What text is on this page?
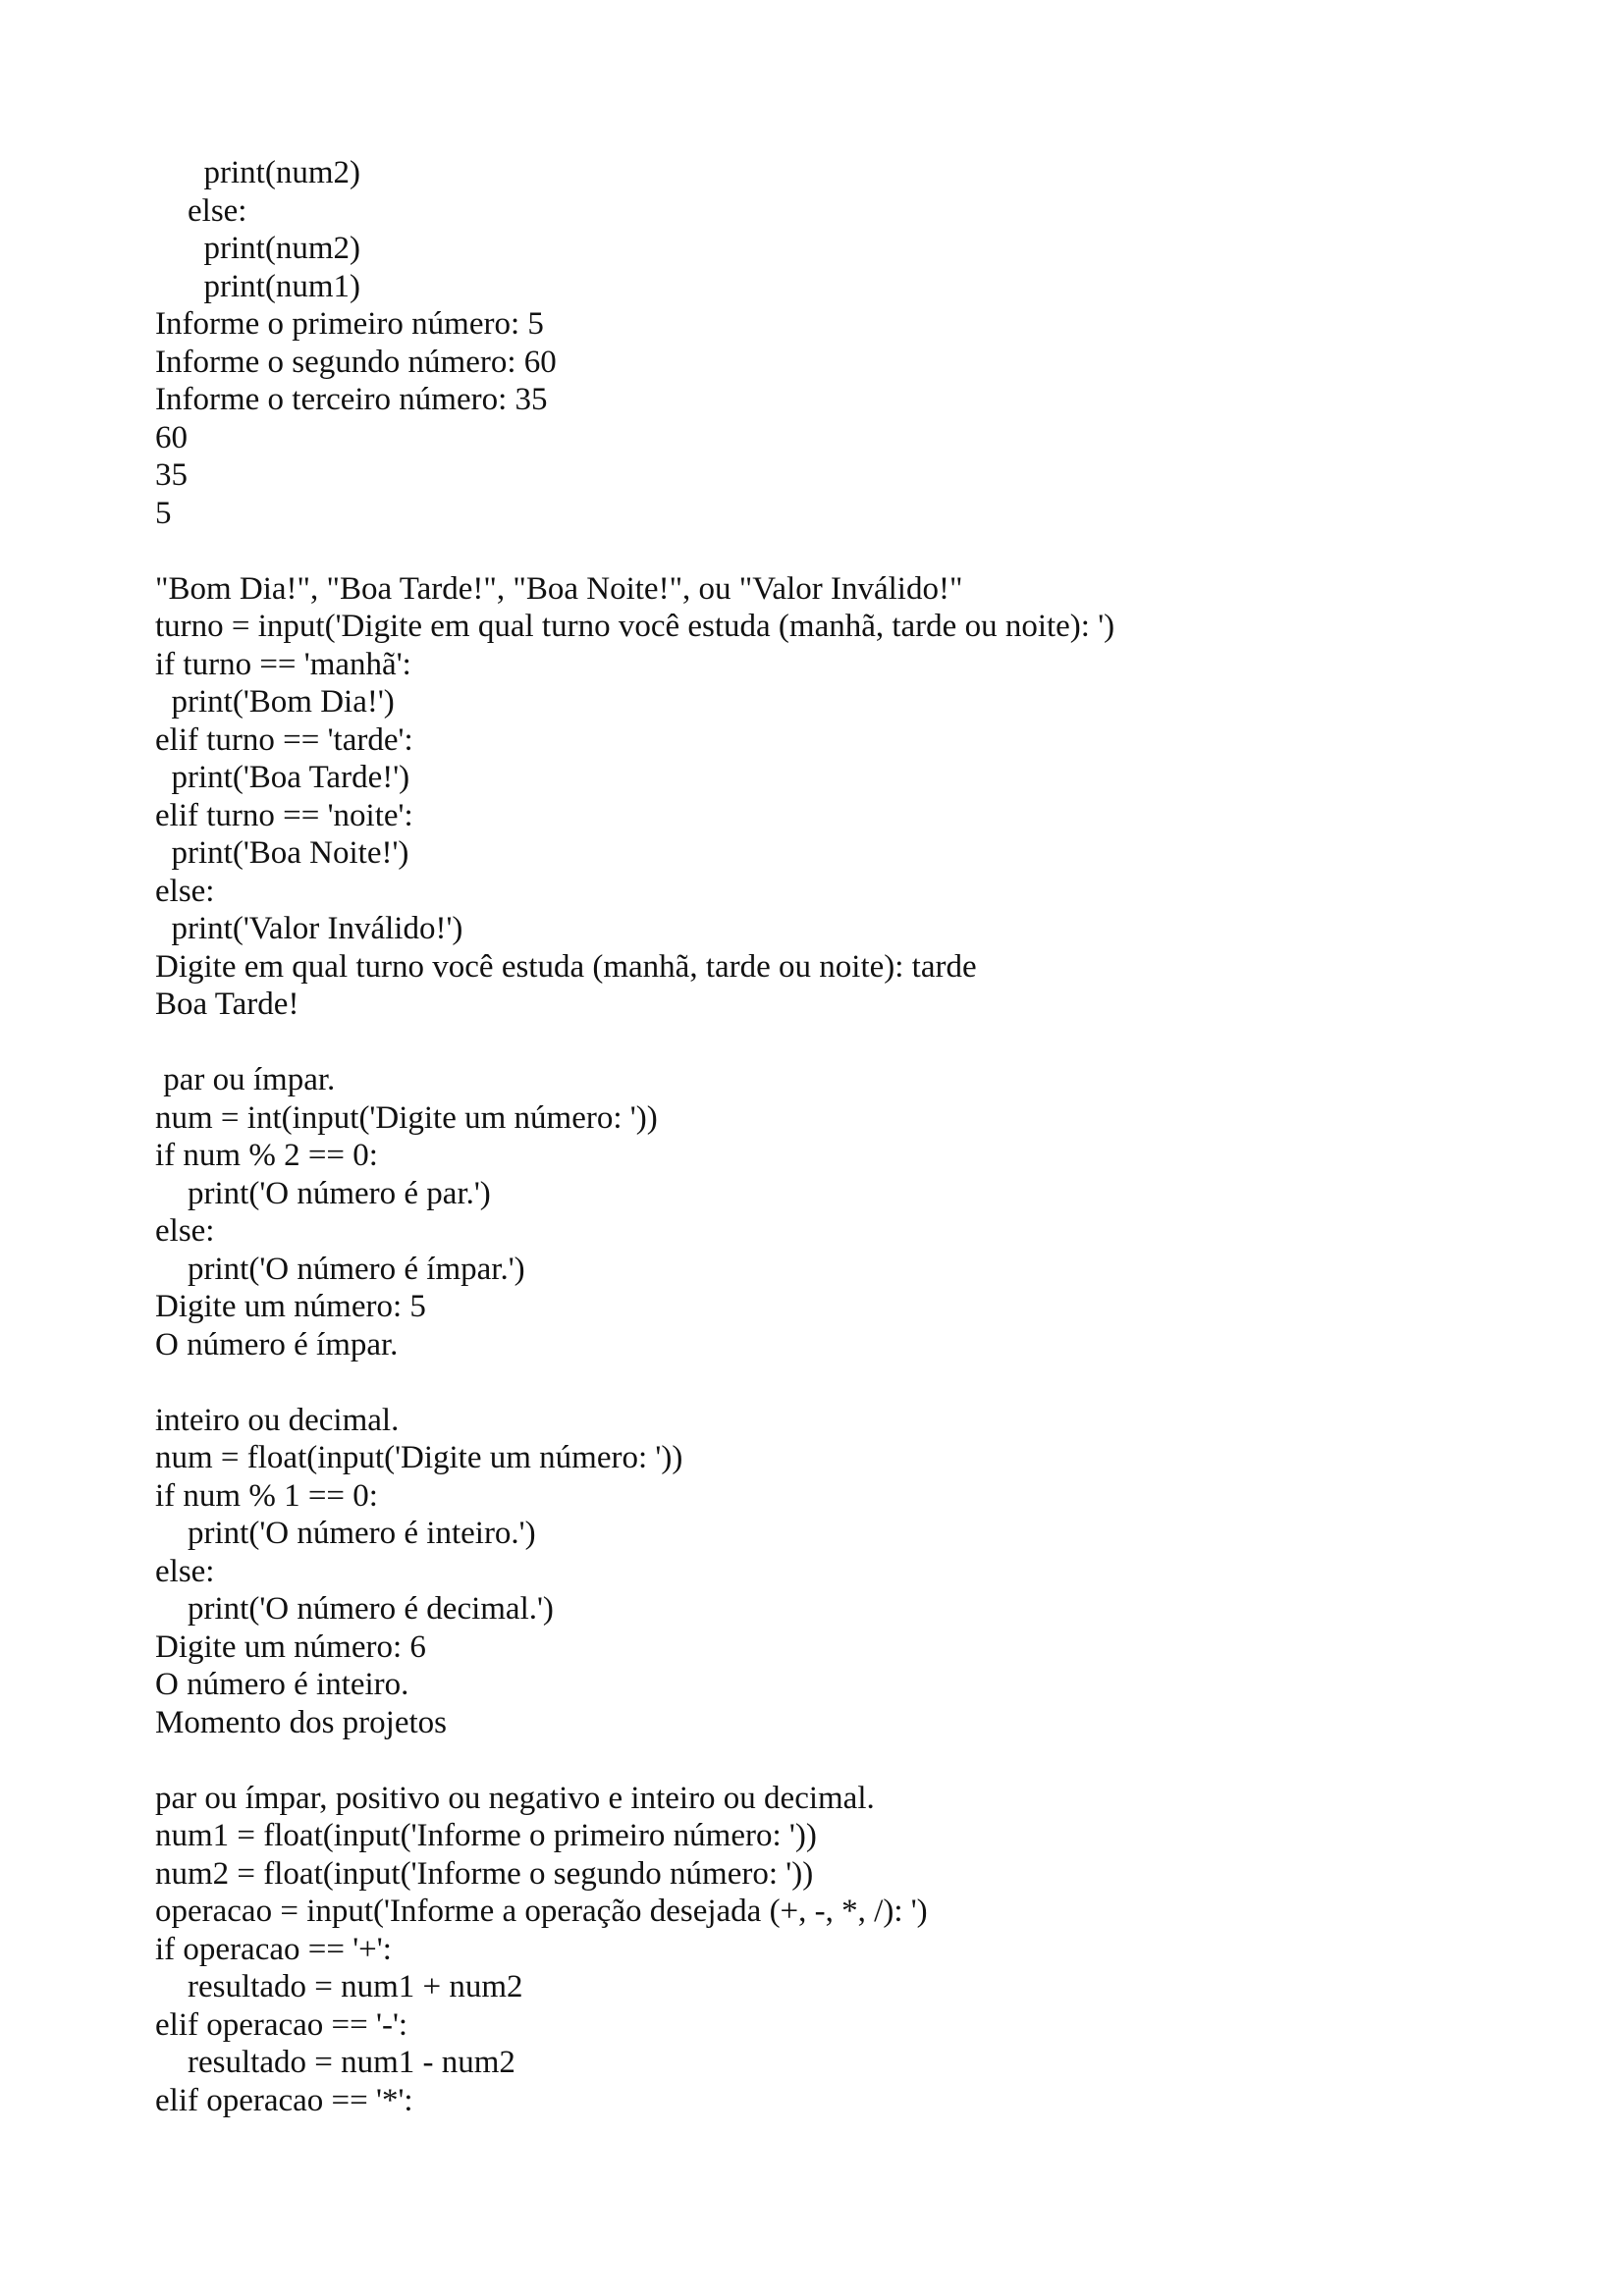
print(num2)
else:
print(num2)
print(num1)
Informe o primeiro número: 5
Informe o segundo número: 60
Informe o terceiro número: 35
60
35
5
"Bom Dia!", "Boa Tarde!", "Boa Noite!", ou "Valor Inválido!"
turno = input('Digite em qual turno você estuda (manhã, tarde ou noite): ')
if turno == 'manhã':
print('Bom Dia!')
elif turno == 'tarde':
print('Boa Tarde!')
elif turno == 'noite':
print('Boa Noite!')
else:
print('Valor Inválido!')
Digite em qual turno você estuda (manhã, tarde ou noite): tarde
Boa Tarde!
par ou ímpar.
num = int(input('Digite um número: '))
if num % 2 == 0:
print('O número é par.')
else:
print('O número é ímpar.')
Digite um número: 5
O número é ímpar.
inteiro ou decimal.
num = float(input('Digite um número: '))
if num % 1 == 0:
print('O número é inteiro.')
else:
print('O número é decimal.')
Digite um número: 6
O número é inteiro.
Momento dos projetos
par ou ímpar, positivo ou negativo e inteiro ou decimal.
num1 = float(input('Informe o primeiro número: '))
num2 = float(input('Informe o segundo número: '))
operacao = input('Informe a operação desejada (+, -, *, /): ')
if operacao == '+':
resultado = num1 + num2
elif operacao == '-':
resultado = num1 - num2
elif operacao == '*':
